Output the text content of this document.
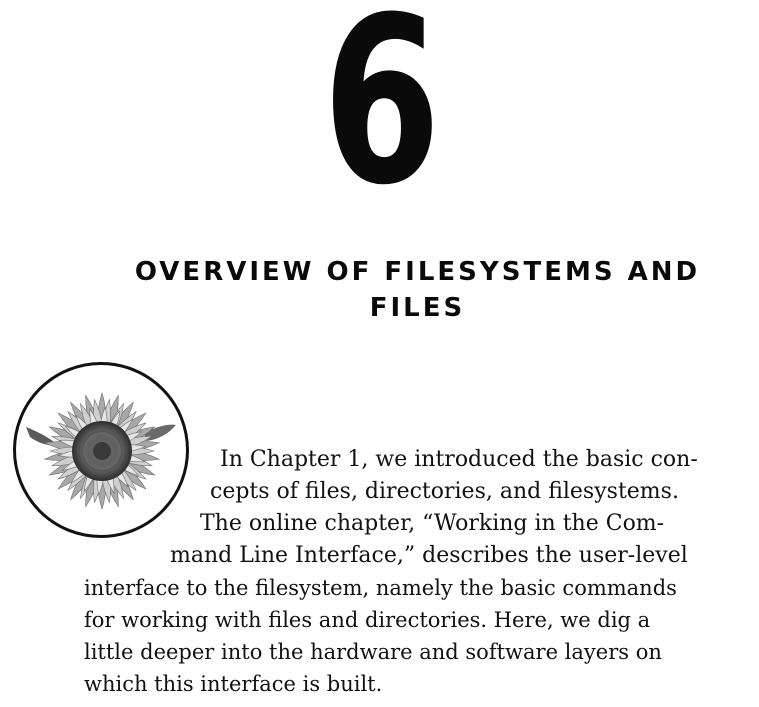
6
OVERVIEW OF FILESYSTEMS AND
FILES
In Chapter 1, we introduced the basic con-
cepts of files, directories, and filesystems.
The online chapter, “Working in the Com-
mand Line Interface,” describes the user-level
interface to the filesystem, namely the basic commands
for working with files and directories. Here, we dig a
little deeper into the hardware and software layers on
which this interface is built.
